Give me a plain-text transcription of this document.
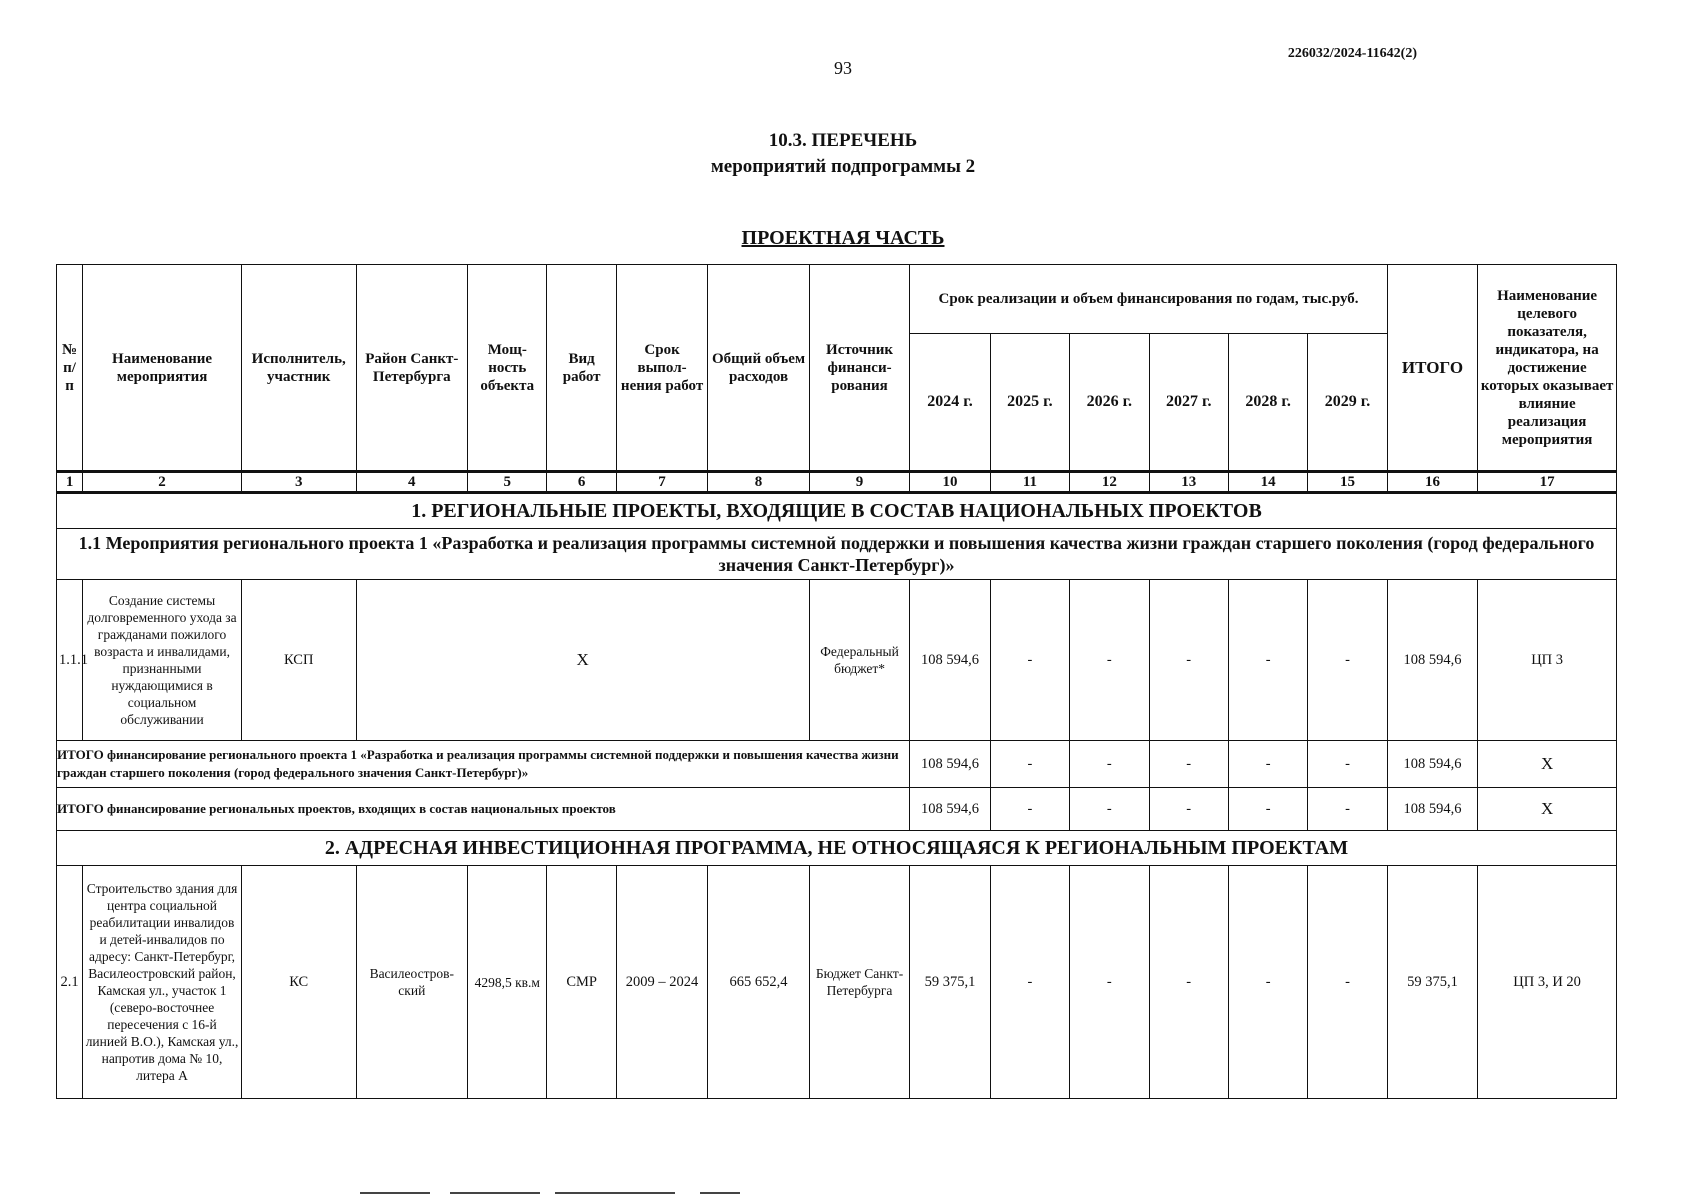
226032/2024-11642(2)
93
10.3. ПЕРЕЧЕНЬ
мероприятий подпрограммы 2
ПРОЕКТНАЯ ЧАСТЬ
№ п/п	Наименование мероприятия	Исполнитель, участник	Район Санкт-Петербурга	Мощ-ность объекта	Вид работ	Срок выпол-нения работ	Общий объем расходов	Источник финанси-рования	Срок реализации и объем финансирования по годам, тыс.руб.						ИТОГО	Наименование целевого показателя, индикатора, на достижение которых оказывает влияние реализация мероприятия
									2024 г.	2025 г.	2026 г.	2027 г.	2028 г.	2029 г.		
1	2	3	4	5	6	7	8	9	10	11	12	13	14	15	16	17
1. РЕГИОНАЛЬНЫЕ ПРОЕКТЫ, ВХОДЯЩИЕ В СОСТАВ НАЦИОНАЛЬНЫХ ПРОЕКТОВ																
1.1 Мероприятия регионального проекта 1 «Разработка и реализация программы системной поддержки и повышения качества жизни граждан старшего поколения (город федерального значения Санкт-Петербург)»																
1.1.1	Создание системы долговременного ухода за гражданами пожилого возраста и инвалидами, признанными нуждающимися в социальном обслуживании	КСП	Х					Федеральный бюджет*	108 594,6	-	-	-	-	-	108 594,6	ЦП 3
ИТОГО финансирование регионального проекта 1 «Разработка и реализация программы системной поддержки и повышения качества жизни граждан старшего поколения (город федерального значения Санкт-Петербург)»									108 594,6	-	-	-	-	-	108 594,6	Х
ИТОГО финансирование региональных проектов, входящих в состав национальных проектов									108 594,6	-	-	-	-	-	108 594,6	Х
2. АДРЕСНАЯ ИНВЕСТИЦИОННАЯ ПРОГРАММА, НЕ ОТНОСЯЩАЯСЯ К РЕГИОНАЛЬНЫМ ПРОЕКТАМ																
2.1	Строительство здания для центра социальной реабилитации инвалидов и детей-инвалидов по адресу: Санкт-Петербург, Василеостровский район, Камская ул., участок 1 (северо-восточнее пересечения с 16-й линией В.О.), Камская ул., напротив дома № 10, литера А	КС	Василеостров-ский	4298,5 кв.м	СМР	2009 – 2024	665 652,4	Бюджет Санкт-Петербурга	59 375,1	-	-	-	-	-	59 375,1	ЦП 3, И 20
